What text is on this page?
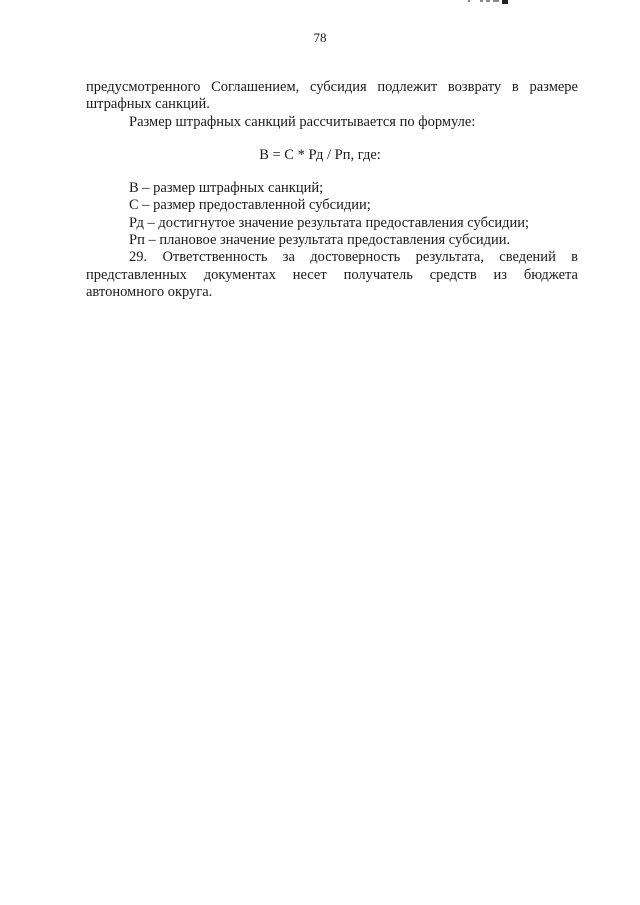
78
предусмотренного Соглашением, субсидия подлежит возврату в размере
штрафных санкций.
Размер штрафных санкций рассчитывается по формуле:
В = С * Рд / Рп, где:
В – размер штрафных санкций;
С – размер предоставленной субсидии;
Рд – достигнутое значение результата предоставления субсидии;
Рп – плановое значение результата предоставления субсидии.
29. Ответственность за достоверность результата, сведений в
представленных документах несет получатель средств из бюджета
автономного округа.
